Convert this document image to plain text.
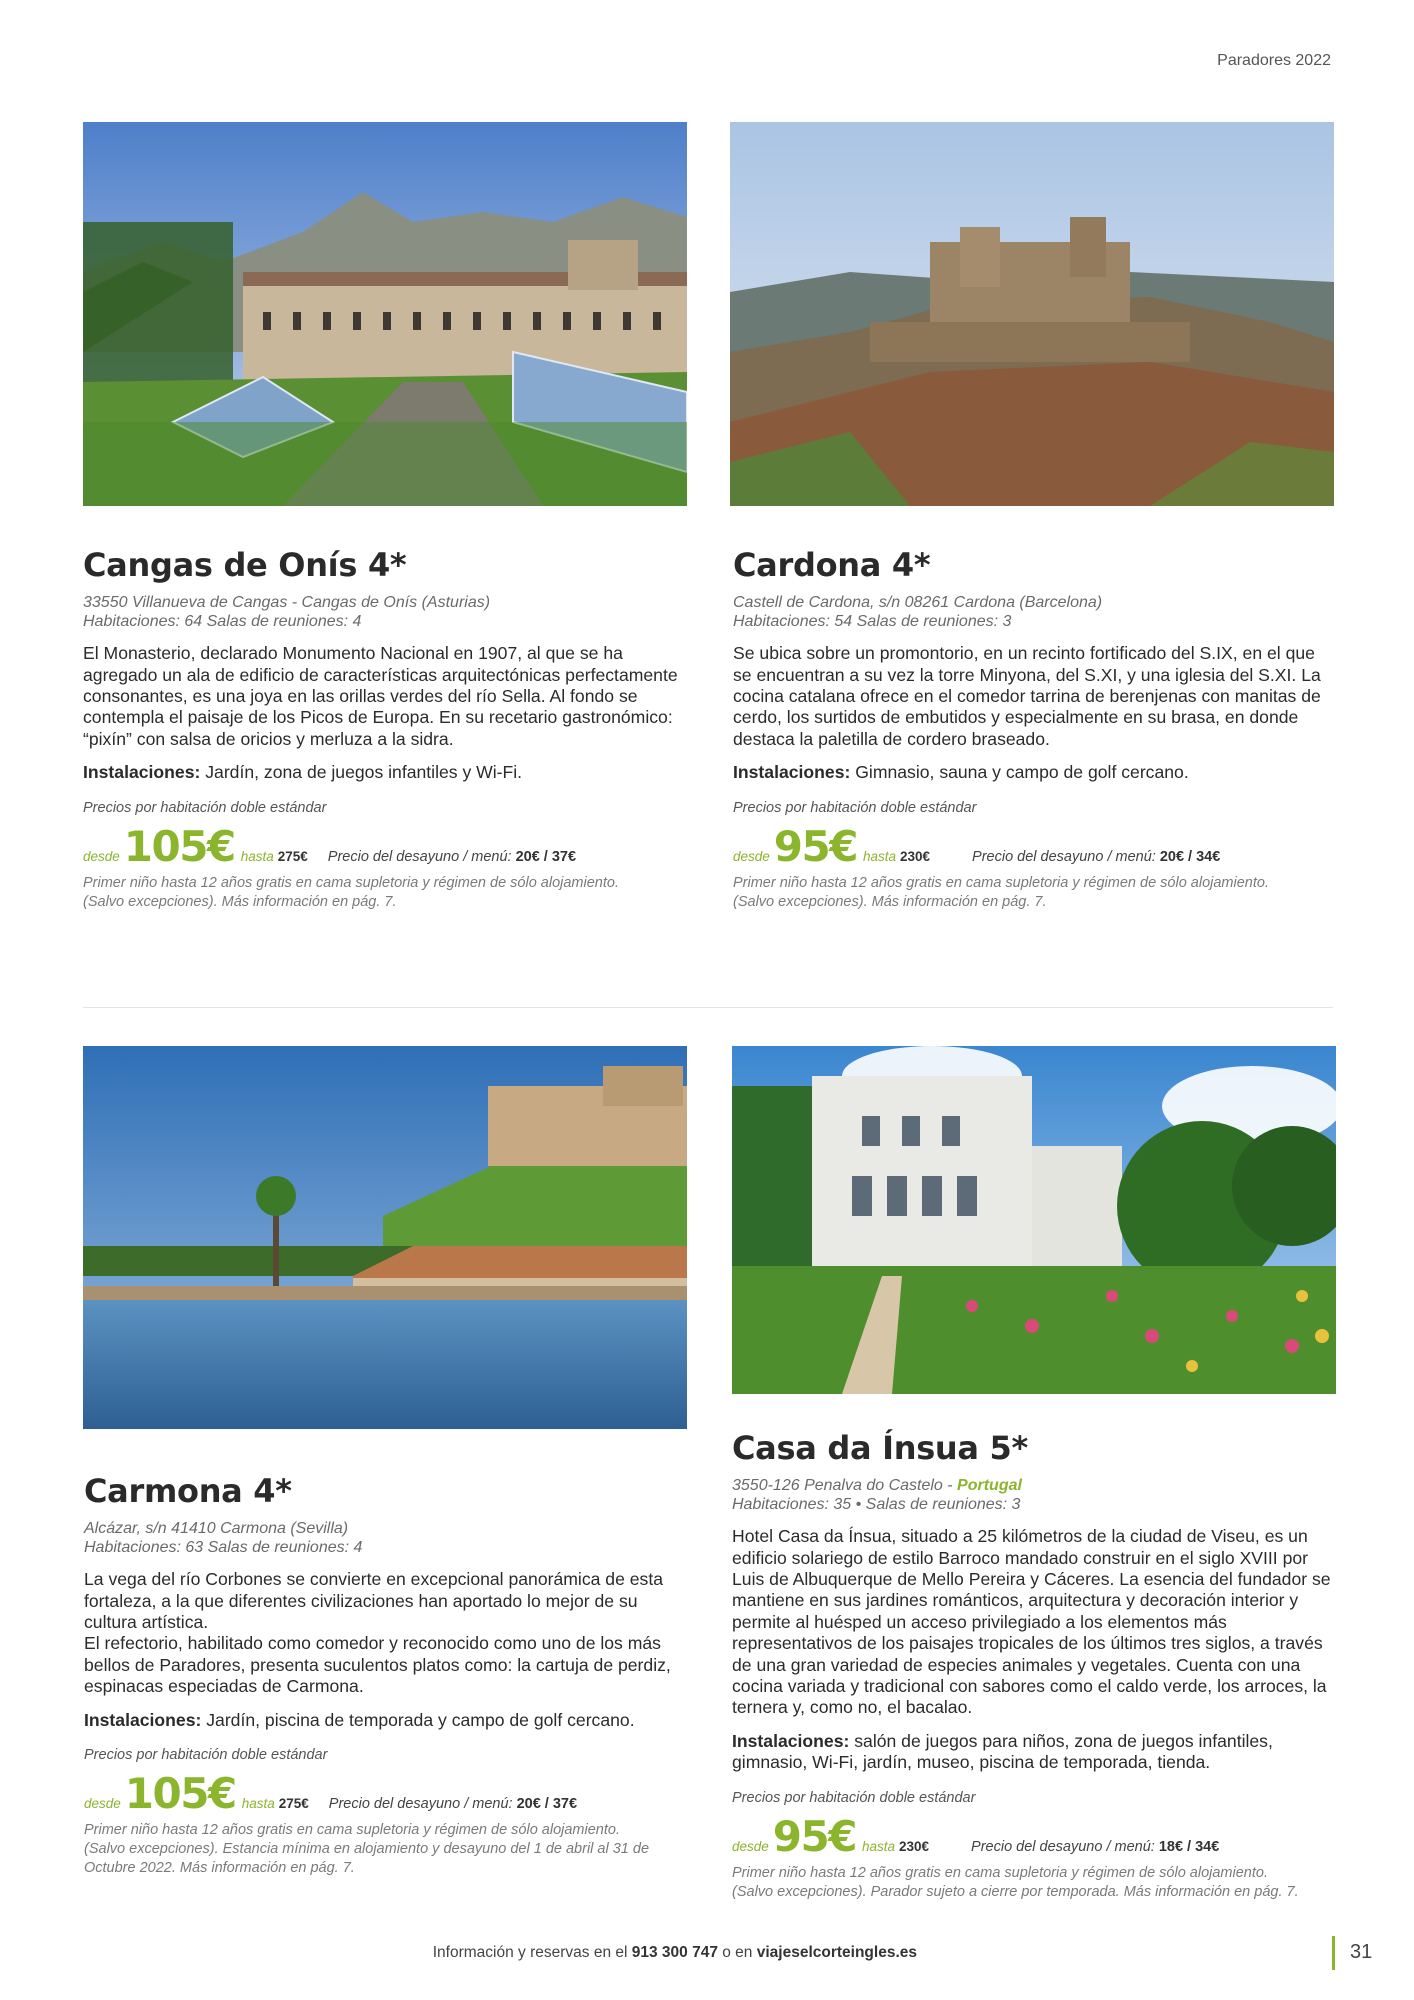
Paradores 2022
Cangas de Onís 4*
33550 Villanueva de Cangas - Cangas de Onís (Asturias)
Habitaciones: 64 Salas de reuniones: 4

El Monasterio, declarado Monumento Nacional en 1907, al que se ha agregado un ala de edificio de características arquitectónicas perfectamente consonantes, es una joya en las orillas verdes del río Sella. Al fondo se contempla el paisaje de los Picos de Europa. En su recetario gastronómico: “pixín” con salsa de oricios y merluza a la sidra.

Instalaciones: Jardín, zona de juegos infantiles y Wi-Fi.
Precios por habitación doble estándar
desde 105€ hasta 275€ Precio del desayuno / menú: 20€ / 37€

Primer niño hasta 12 años gratis en cama supletoria y régimen de sólo alojamiento.

(Salvo excepciones). Más información en pág. 7.

Cardona 4*
Castell de Cardona, s/n 08261 Cardona (Barcelona)
Habitaciones: 54 Salas de reuniones: 3

Se ubica sobre un promontorio, en un recinto fortificado del S.IX, en el que se encuentran a su vez la torre Minyona, del S.XI, y una iglesia del S.XI. La cocina catalana ofrece en el comedor tarrina de berenjenas con manitas de cerdo, los surtidos de embutidos y especialmente en su brasa, en donde destaca la paletilla de cordero braseado.

Instalaciones: Gimnasio, sauna y campo de golf cercano.
Precios por habitación doble estándar
desde 95€ hasta 230€	Precio del desayuno / menú: 20€ / 34€

Primer niño hasta 12 años gratis en cama supletoria y régimen de sólo alojamiento.

(Salvo excepciones). Más información en pág. 7.

Carmona 4*
Alcázar, s/n 41410 Carmona (Sevilla)
Habitaciones: 63 Salas de reuniones: 4

La vega del río Corbones se convierte en excepcional panorámica de esta fortaleza, a la que diferentes civilizaciones han aportado lo mejor de su cultura artística.

El refectorio, habilitado como comedor y reconocido como uno de los más bellos de Paradores, presenta suculentos platos como: la cartuja de perdiz, espinacas especiadas de Carmona.

Instalaciones: Jardín, piscina de temporada y campo de golf cercano.
Precios por habitación doble estándar
desde 105€ hasta 275€ Precio del desayuno / menú: 20€ / 37€

Primer niño hasta 12 años gratis en cama supletoria y régimen de sólo alojamiento.

(Salvo excepciones). Estancia mínima en alojamiento y desayuno del 1 de abril al 31 de Octubre 2022. Más información en pág. 7.

Casa da Ínsua 5*
3550-126 Penalva do Castelo - Portugal
Habitaciones: 35 • Salas de reuniones: 3

Hotel Casa da Ínsua, situado a 25 kilómetros de la ciudad de Viseu, es un edificio solariego de estilo Barroco mandado construir en el siglo XVIII por Luis de Albuquerque de Mello Pereira y Cáceres. La esencia del fundador se mantiene en sus jardines románticos, arquitectura y decoración interior y permite al huésped un acceso privilegiado a los elementos más representativos de los paisajes tropicales de los últimos tres siglos, a través de una gran variedad de especies animales y vegetales. Cuenta con una cocina variada y tradicional con sabores como el caldo verde, los arroces, la ternera y, como no, el bacalao.

Instalaciones: salón de juegos para niños, zona de juegos infantiles, gimnasio, Wi-Fi, jardín, museo, piscina de temporada, tienda.
Precios por habitación doble estándar
desde 95€ hasta 230€	Precio del desayuno / menú: 18€ / 34€

Primer niño hasta 12 años gratis en cama supletoria y régimen de sólo alojamiento.

(Salvo excepciones). Parador sujeto a cierre por temporada. Más información en pág. 7.

Información y reservas en el 913 300 747 o en viajeselcorteingles.es	31
